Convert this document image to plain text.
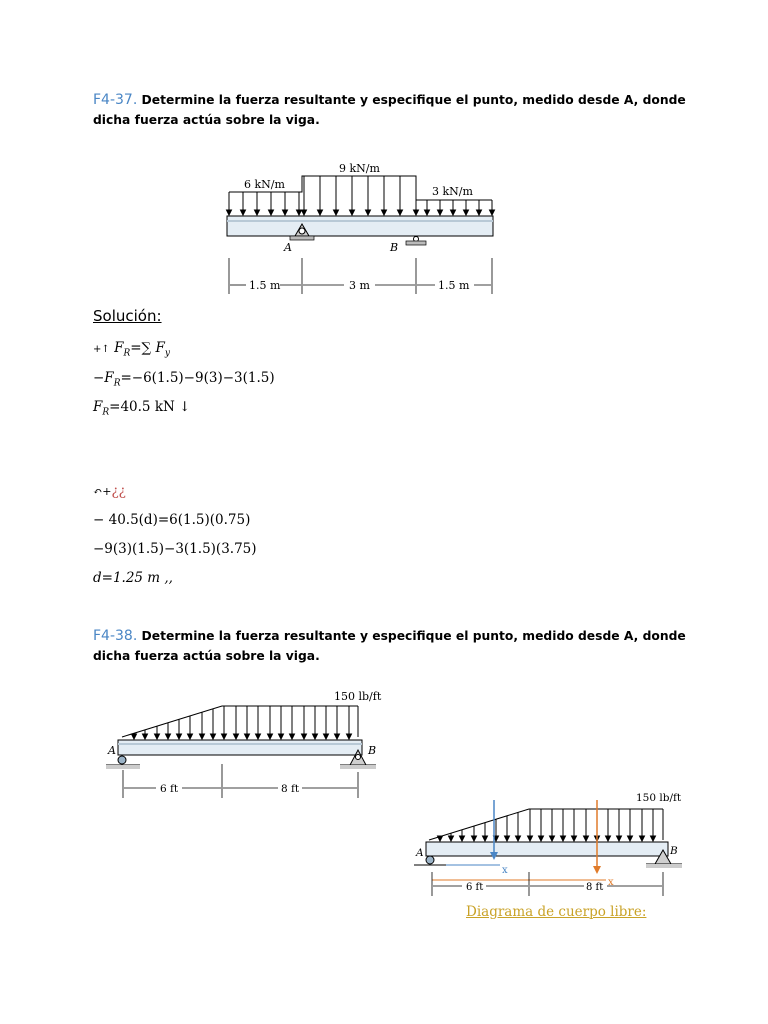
F4-37. Determine la fuerza resultante y especifique el punto, medido desde A, donde
dicha fuerza actúa sobre la viga.
A	B
6 kN/m
9 kN/m
3 kN/m
1.5 m	3 m	1.5 m
Solución:
+↑ $F_R=\sum$ $F_y$
$-F_R=-6(1.5)-9(3)-3(1.5)$
$F_R=40.5$ kN ↓
↶+¿¿
− 40.5(d)=6(1.5)(0.75)
−9(3)(1.5)−3(1.5)(3.75)
d=1.25 m ,,
F4-38. Determine la fuerza resultante y especifique el punto, medido desde A, donde
dicha fuerza actúa sobre la viga.
A	B
150 lb/ft
6 ft	8 ft
x
x
A	B
150 lb/ft
6 ft	8 ft
Diagrama de cuerpo libre:
